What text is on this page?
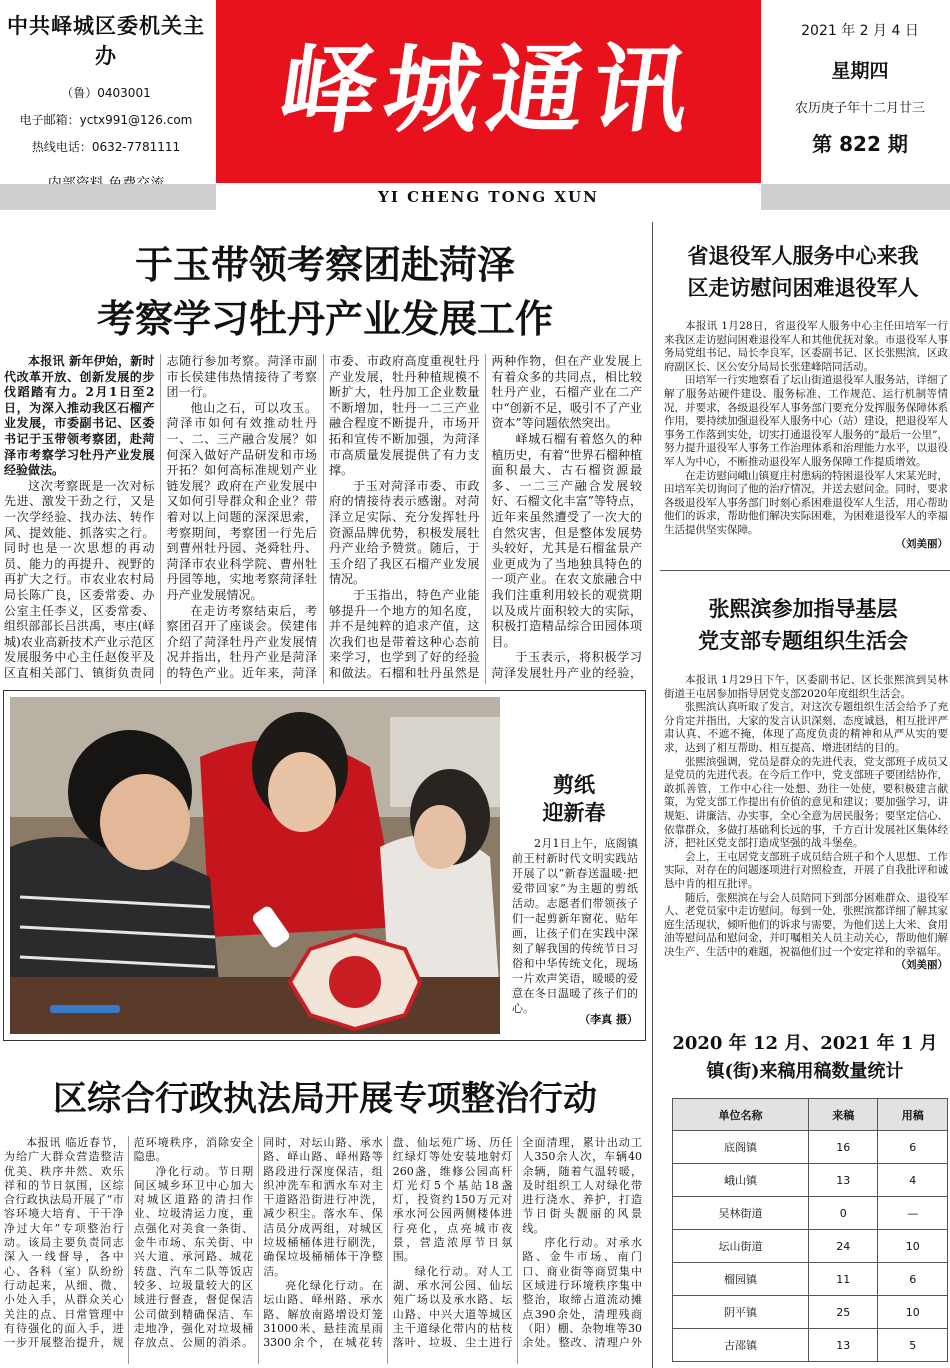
中共峄城区委机关主办
（鲁）0403001
电子邮箱：yctx991@126.com
热线电话：0632-7781111
峄城通讯
2021 年 2 月 4 日
星期四
农历庚子年十二月廿三
第 822 期
YI CHENG TONG XUN
于玉带领考察团赴菏泽
考察学习牡丹产业发展工作

本报讯 新年伊始，新时代改革开放、创新发展的步伐蹈踏有力。2月1日至2日，为深入推动我区石榴产业发展，市委副书记、区委书记于玉带领考察团，赴菏泽市考察学习牡丹产业发展经验做法。

这次考察既是一次对标先进、激发干劲之行，又是一次学经验、找办法、转作风、提效能、抓落实之行。同时也是一次思想的再动员、能力的再提升、视野的再扩大之行。市农业农村局局长陈广良，区委常委、办公室主任李义，区委常委、组织部部长吕洪禹，枣庄(峄城)农业高新技术产业示范区发展服务中心主任赵俊平及区直相关部门、镇街负责同志随行参加考察。菏泽市副市长侯建伟热情接待了考察团一行。

他山之石，可以攻玉。菏泽市如何有效推动牡丹一、二、三产融合发展？如何深入做好产品研发和市场开拓？如何高标准规划产业链发展？政府在产业发展中又如何引导群众和企业？带着对以上问题的深深思索，考察期间，考察团一行先后到曹州牡丹园、尧舜牡丹、菏泽市农业科学院、曹州牡丹园等地，实地考察菏泽牡丹产业发展情况。

在走访考察结束后，考察团召开了座谈会。侯建伟介绍了菏泽牡丹产业发展情况并指出，牡丹产业是菏泽的特色产业。近年来，菏泽市委、市政府高度重视牡丹产业发展，牡丹种植规模不断扩大，牡丹加工企业数量不断增加，牡丹一二三产业融合程度不断提升，市场开拓和宣传不断加强，为菏泽市高质量发展提供了有力支撑。

于玉对菏泽市委、市政府的情接待表示感谢。对菏泽立足实际、充分发挥牡丹资源品牌优势，积极发展牡丹产业给予赞赏。随后，于玉介绍了我区石榴产业发展情况。

于玉指出，特色产业能够提升一个地方的知名度，并不是纯粹的追求产值，这次我们也是带着这种心态前来学习，也学到了好的经验和做法。石榴和牡丹虽然是两种作物，但在产业发展上有着众多的共同点，相比较牡丹产业，石榴产业在二产中“创新不足，吸引不了产业资本”等问题依然突出。

峄城石榴有着悠久的种植历史，有着“世界石榴种植面积最大、古石榴资源最多、一二三产融合发展较好、石榴文化丰富”等特点，近年来虽然遭受了一次大的自然灾害，但是整体发展势头较好，尤其是石榴盆景产业更成为了当地独具特色的一项产业。在农文旅融合中我们注重利用较长的观赏期以及成片面积较大的实际，积极打造精品综合田园体项目。

于玉表示，将积极学习菏泽发展牡丹产业的经验，

剪纸
迎新春
2月1日上午，底阁镇前王村新时代文明实践站开展了以“新春送温暖·把爱带回家”为主题的剪纸活动。志愿者们带领孩子们一起剪新年窗花、贴年画，让孩子们在实践中深刻了解我国的传统节日习俗和中华传统文化，现场一片欢声笑语，暖暖的爱意在冬日温暖了孩子们的心。
（李真 摄）
区综合行政执法局开展专项整治行动

本报讯 临近春节，为给广大群众营造整洁优美、秩序井然、欢乐祥和的节日氛围，区综合行政执法局开展了“市容环境大培育、干干净净过大年”专项整治行动。该局主要负责同志深入一线督导，各中心、各科（室）队纷纷行动起来，从细、微、小处入手，从群众关心关注的点、日常管理中有待强化的面入手，进一步开展整治提升，规范环境秩序，消除安全隐患。

净化行动。节日期间区城乡环卫中心加大对城区道路的清扫作业、垃圾清运力度，重点强化对美食一条街、金牛市场、东关街、中兴大道、承河路、城花转盘、汽车二队等饭店较多、垃圾量较大的区域进行督查，督促保洁公司做到精确保洁、车走地净，强化对垃圾桶存放点、公厕的消杀。同时，对坛山路、承水路、峄山路、峄州路等路段进行深度保洁，组织冲洗车和洒水车对主干道路沿街进行冲洗，减少积尘。落水车、保洁员分成两组，对城区垃圾桶桶体进行刷洗，确保垃圾桶桶体干净整洁。

亮化绿化行动。在坛山路、峄州路、承水路、解放南路增设灯笼31000米、悬挂流星雨3300余个，在城花转盘、仙坛苑广场、历任红绿灯等处安装地射灯260盏，维修公园高杆灯光灯5个基站18盏灯，投资约150万元对承水河公园两侧楼体进行亮化，点亮城市夜景，营造浓厚节日氛围。

绿化行动。对人工湖、承水河公园、仙坛苑广场以及承水路、坛山路、中兴大道等城区主干道绿化带内的枯枝落叶、垃圾、尘土进行全面清理，累计出动工人350余人次，车辆40余辆，随着气温转暖，及时组织工人对绿化带进行浇水、养护，打造节日街头靓丽的风景线。

序化行动。对承水路、金牛市场、南门口、商业街等商贸集中区域进行环境秩序集中整治，取缔占道流动摊点390余处，清理残商（阳）棚、杂物堆等30余处。整改、清理户外

省退役军人服务中心来我
区走访慰问困难退役军人

本报讯 1月28日，省退役军人服务中心主任田培军一行来我区走访慰问困难退役军人和其他优抚对象。市退役军人事务局党组书记、局长李良军，区委副书记、区长张熙滨，区政府副区长、区公安分局局长张建峰陪同活动。

田培军一行实地察看了坛山街道退役军人服务站，详细了解了服务站硬件建设、服务标准、工作规范、运行机制等情况，并要求，各级退役军人事务部门要充分发挥服务保障体系作用，要持续加强退役军人服务中心（站）建设，把退役军人事务工作落到实处，切实打通退役军人服务的“最后一公里”，努力提升退役军人事务工作治理体系和治理能力水平，以退役军人为中心，不断推动退役军人服务保障工作提质增效。

在走访慰问峨山镇夏庄村患病的特困退役军人宋某光时，田培军关切询问了他的治疗情况，并送去慰问金。同时，要求各级退役军人事务部门时刻心系困难退役军人生活，用心帮助他们的诉求，帮助他们解决实际困难，为困难退役军人的幸福生活提供坚实保障。

（刘美丽）
张熙滨参加指导基层
党支部专题组织生活会

本报讯 1月29日下午，区委副书记、区长张熙滨到吴林街道王屯居参加指导居党支部2020年度组织生活会。

张熙滨认真听取了发言，对这次专题组织生活会给予了充分肯定并指出，大家的发言认识深刻、态度诚恳，相互批评严肃认真、不遮不掩，体现了高度负责的精神和从严从实的要求，达到了相互帮助、相互提高、增进团结的目的。

张熙滨强调，党员是群众的先进代表，党支部班子成员又是党员的先进代表。在今后工作中，党支部班子要团结协作，敢抓善管，工作中心往一处想、劲往一处使，要积极建言献策，为党支部工作提出有价值的意见和建议；要加强学习，讲规矩、讲廉洁、办实事，全心全意为居民服务；要坚定信心、依靠群众，多做打基础利长远的事，千方百计发展社区集体经济，把社区党支部打造成坚强的战斗堡垒。

会上，王屯居党支部班子成员结合班子和个人思想、工作实际，对存在的问题逐项进行对照检查，开展了自我批评和诚恳中肯的相互批评。

随后，张熙滨在与会人员陪同下到部分困难群众、退役军人、老党员家中走访慰问。每到一处，张熙滨都详细了解其家庭生活现状，倾听他们的诉求与需要，为他们送上大米、食用油等慰问品和慰问金，并叮嘱相关人员主动关心，帮助他们解决生产、生活中的难题，祝福他们过一个安定祥和的幸福年。

（刘美丽）
2020 年 12 月、2021 年 1 月
镇(街)来稿用稿数量统计
单位名称	来稿	用稿
底阁镇	16	6
峨山镇	13	4
吴林街道	0	—
坛山街道	24	10
榴园镇	11	6
阴平镇	25	10
古邵镇	13	5
